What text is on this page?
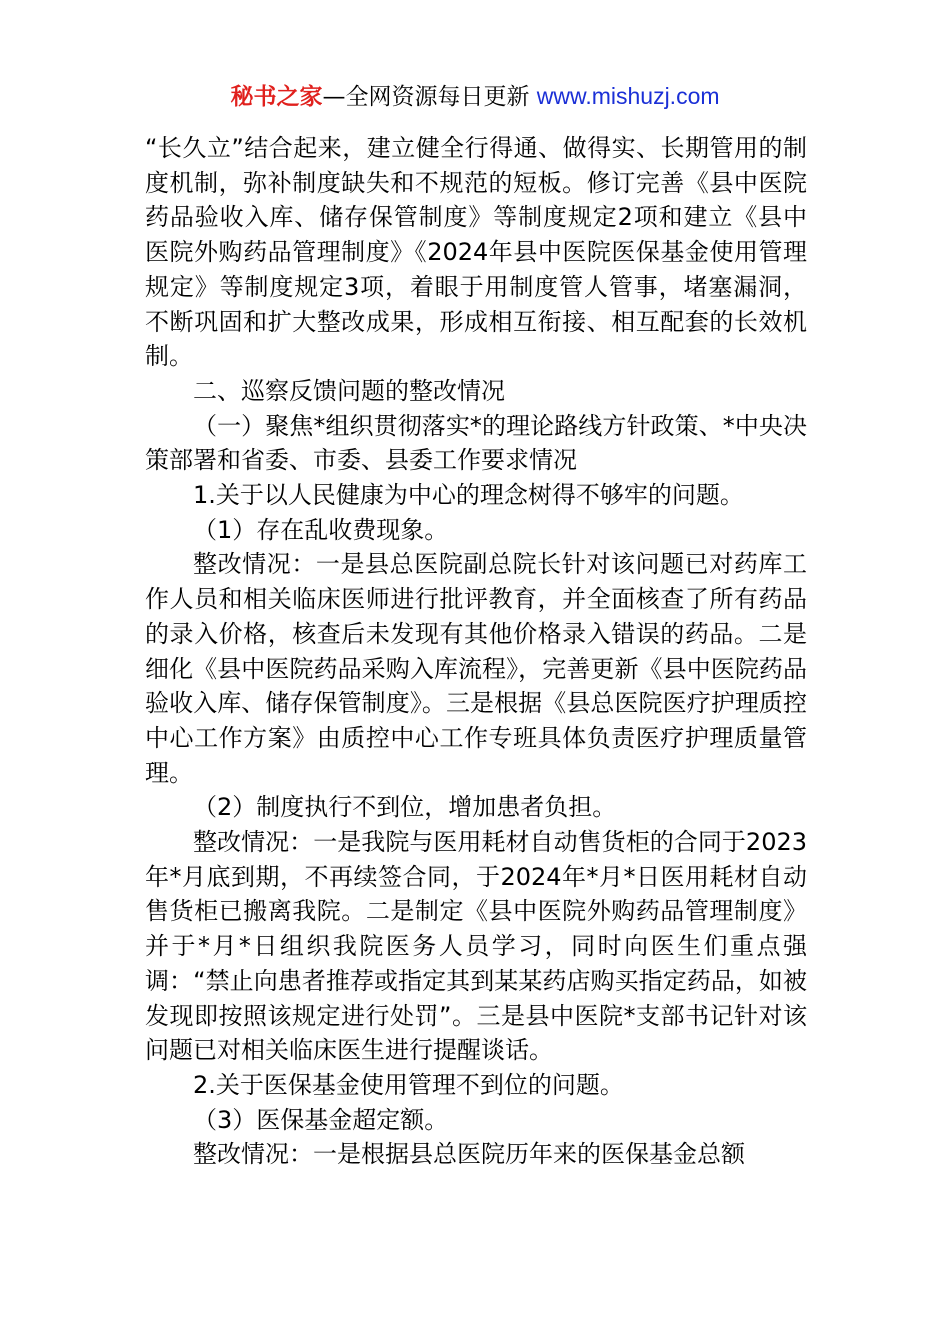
秘书之家—全网资源每日更新 www.mishuzj.com

“长久立”结合起来，建立健全行得通、做得实、长期管用的制度机制，弥补制度缺失和不规范的短板。修订完善《县中医院药品验收入库、储存保管制度》等制度规定2项和建立《县中医院外购药品管理制度》《2024年县中医院医保基金使用管理规定》等制度规定3项，着眼于用制度管人管事，堵塞漏洞，不断巩固和扩大整改成果，形成相互衔接、相互配套的长效机制。

二、巡察反馈问题的整改情况

（一）聚焦*组织贯彻落实*的理论路线方针政策、*中央决策部署和省委、市委、县委工作要求情况

1.关于以人民健康为中心的理念树得不够牢的问题。

（1）存在乱收费现象。

整改情况：一是县总医院副总院长针对该问题已对药库工作人员和相关临床医师进行批评教育，并全面核查了所有药品的录入价格，核查后未发现有其他价格录入错误的药品。二是细化《县中医院药品采购入库流程》，完善更新《县中医院药品验收入库、储存保管制度》。三是根据《县总医院医疗护理质控中心工作方案》由质控中心工作专班具体负责医疗护理质量管理。

（2）制度执行不到位，增加患者负担。

整改情况：一是我院与医用耗材自动售货柜的合同于2023年*月底到期，不再续签合同，于2024年*月*日医用耗材自动售货柜已搬离我院。二是制定《县中医院外购药品管理制度》并于*月*日组织我院医务人员学习，同时向医生们重点强调：“禁止向患者推荐或指定其到某某药店购买指定药品，如被发现即按照该规定进行处罚”。三是县中医院*支部书记针对该问题已对相关临床医生进行提醒谈话。

2.关于医保基金使用管理不到位的问题。

（3）医保基金超定额。

整改情况：一是根据县总医院历年来的医保基金总额
